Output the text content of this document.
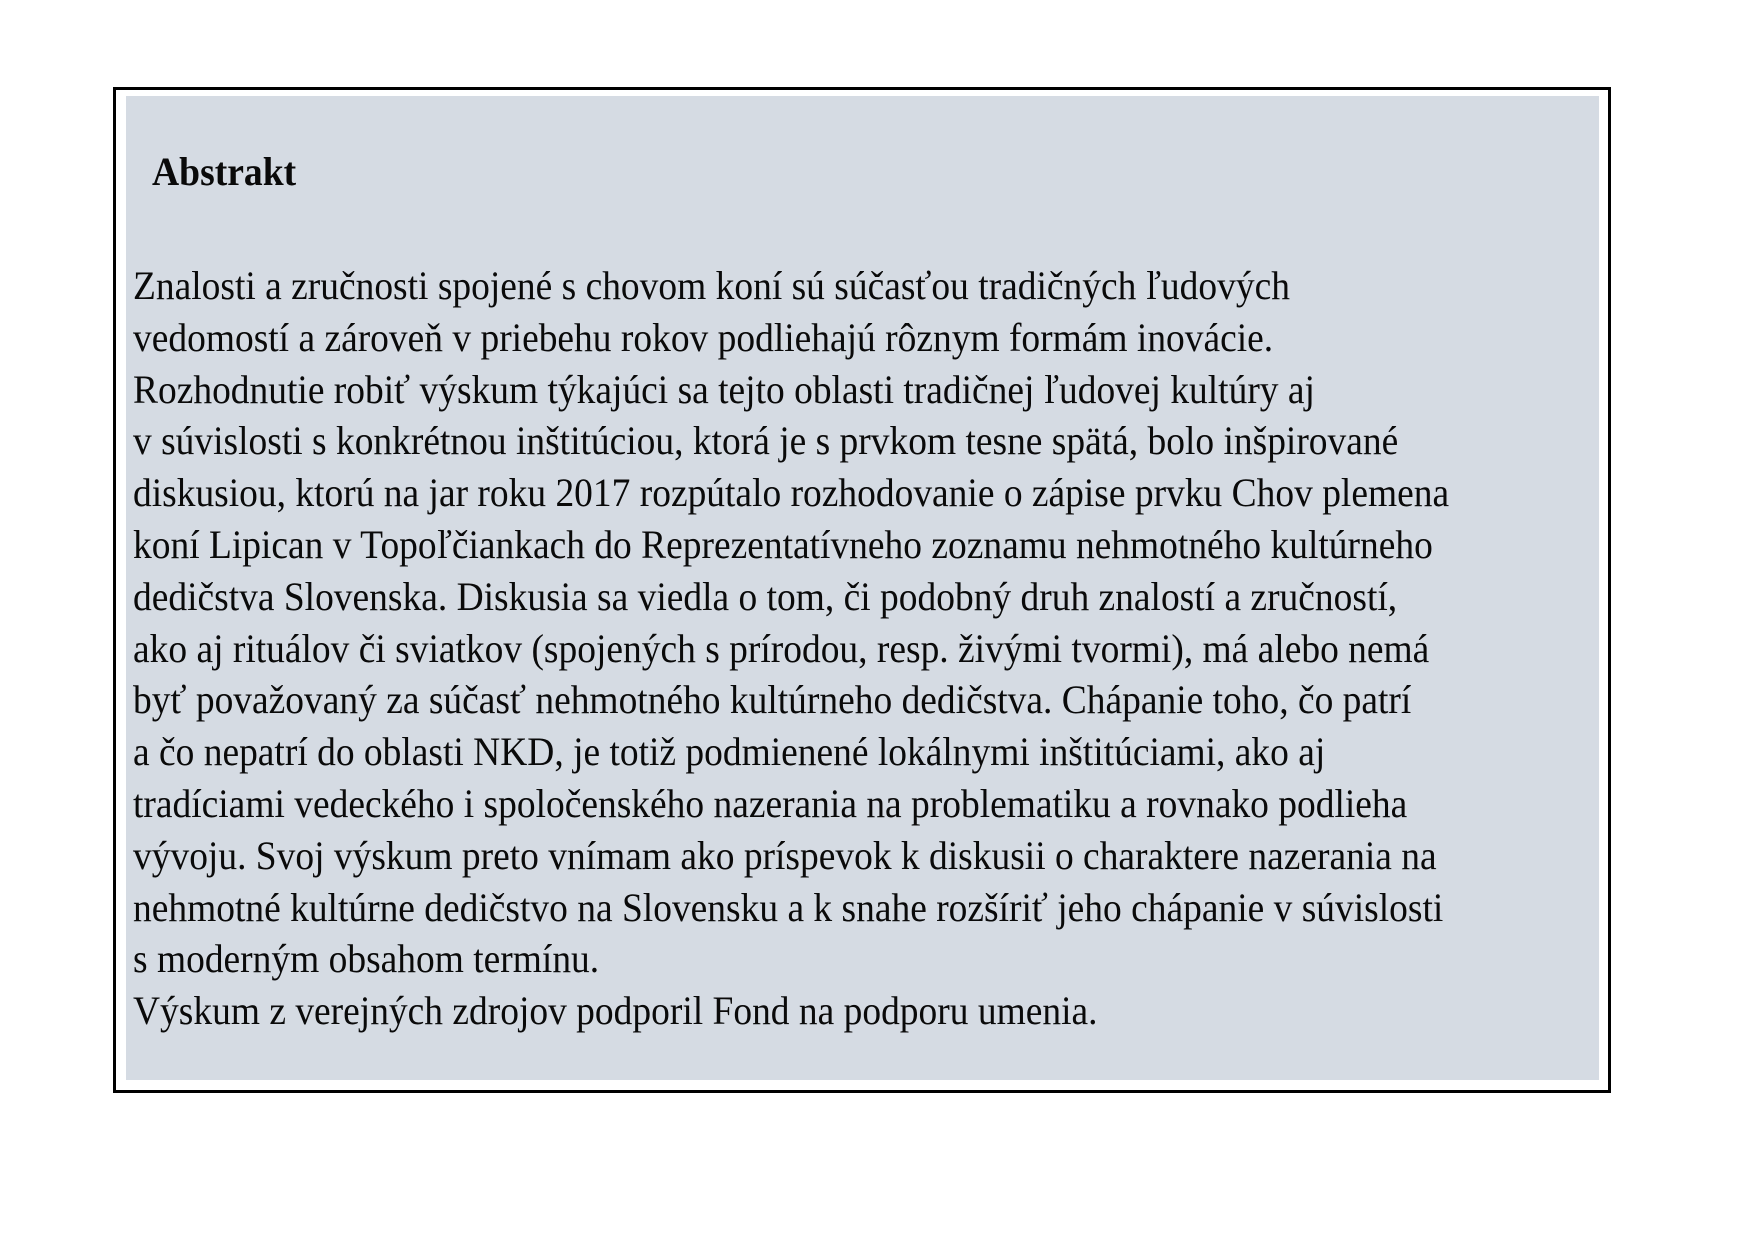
Abstrakt
Znalosti a zručnosti spojené s chovom koní sú súčasťou tradičných ľudových
vedomostí a zároveň v priebehu rokov podliehajú rôznym formám inovácie.
Rozhodnutie robiť výskum týkajúci sa tejto oblasti tradičnej ľudovej kultúry aj
v súvislosti s konkrétnou inštitúciou, ktorá je s prvkom tesne spätá, bolo inšpirované
diskusiou, ktorú na jar roku 2017 rozpútalo rozhodovanie o zápise prvku Chov plemena
koní Lipican v Topoľčiankach do Reprezentatívneho zoznamu nehmotného kultúrneho
dedičstva Slovenska. Diskusia sa viedla o tom, či podobný druh znalostí a zručností,
ako aj rituálov či sviatkov (spojených s prírodou, resp. živými tvormi), má alebo nemá
byť považovaný za súčasť nehmotného kultúrneho dedičstva. Chápanie toho, čo patrí
a čo nepatrí do oblasti NKD, je totiž podmienené lokálnymi inštitúciami, ako aj
tradíciami vedeckého i spoločenského nazerania na problematiku a rovnako podlieha
vývoju. Svoj výskum preto vnímam ako príspevok k diskusii o charaktere nazerania na
nehmotné kultúrne dedičstvo na Slovensku a k snahe rozšíriť jeho chápanie v súvislosti
s moderným obsahom termínu.
Výskum z verejných zdrojov podporil Fond na podporu umenia.
